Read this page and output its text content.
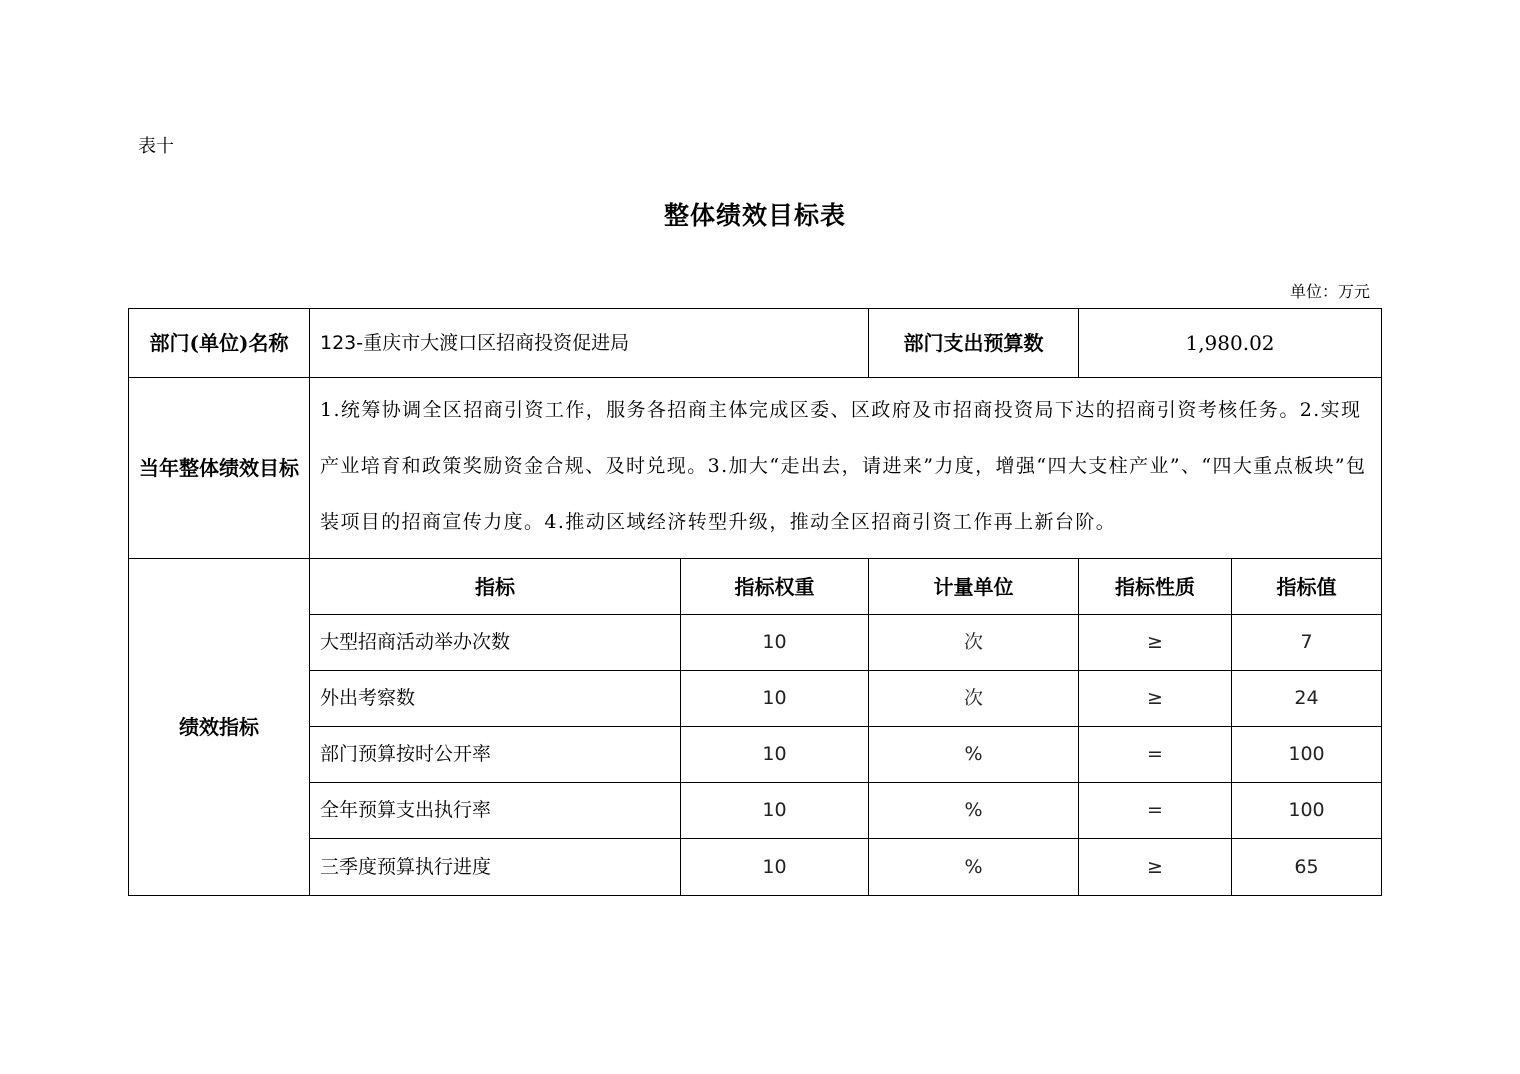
表十
整体绩效目标表
单位：万元
部门(单位)名称	123-重庆市大渡口区招商投资促进局		部门支出预算数	1,980.02	
当年整体绩效目标	1.统筹协调全区招商引资工作，服务各招商主体完成区委、区政府及市招商投资局下达的招商引资考核任务。2.实现产业培育和政策奖励资金合规、及时兑现。3.加大“走出去，请进来”力度，增强“四大支柱产业”、“四大重点板块”包装项目的招商宣传力度。4.推动区域经济转型升级，推动全区招商引资工作再上新台阶。				
绩效指标	指标	指标权重	计量单位	指标性质	指标值
	大型招商活动举办次数	10	次	≥	7
	外出考察数	10	次	≥	24
	部门预算按时公开率	10	%	=	100
	全年预算支出执行率	10	%	=	100
	三季度预算执行进度	10	%	≥	65
